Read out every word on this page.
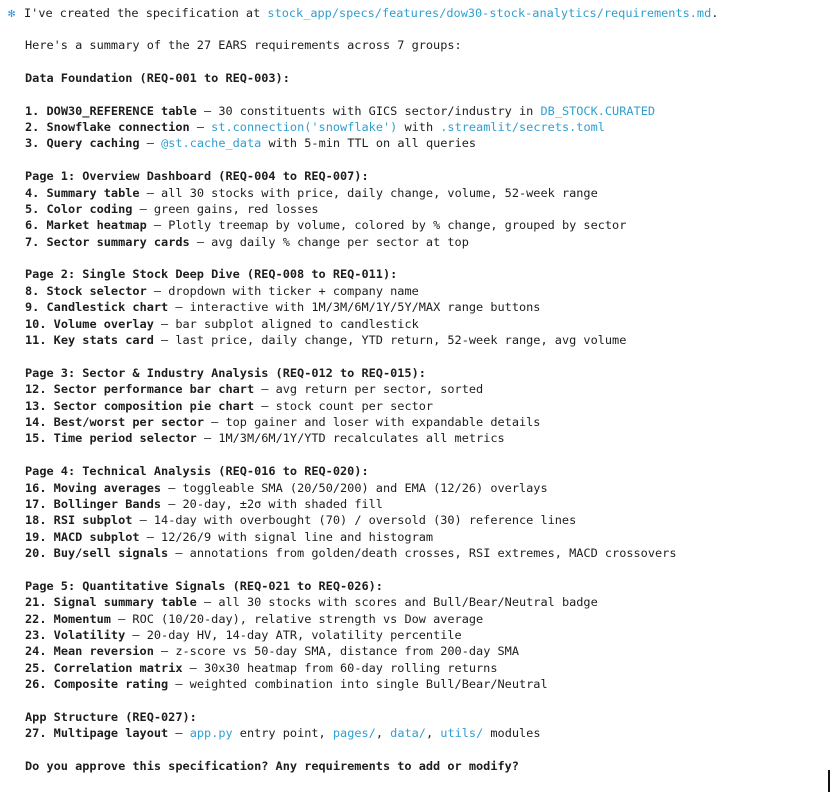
✻ I've created the specification at stock_app/specs/features/dow30-stock-analytics/requirements.md.
Here's a summary of the 27 EARS requirements across 7 groups:
Data Foundation (REQ-001 to REQ-003):
1. DOW30_REFERENCE table — 30 constituents with GICS sector/industry in DB_STOCK.CURATED
2. Snowflake connection — st.connection('snowflake') with .streamlit/secrets.toml
3. Query caching — @st.cache_data with 5-min TTL on all queries
Page 1: Overview Dashboard (REQ-004 to REQ-007):
4. Summary table — all 30 stocks with price, daily change, volume, 52-week range
5. Color coding — green gains, red losses
6. Market heatmap — Plotly treemap by volume, colored by % change, grouped by sector
7. Sector summary cards — avg daily % change per sector at top
Page 2: Single Stock Deep Dive (REQ-008 to REQ-011):
8. Stock selector — dropdown with ticker + company name
9. Candlestick chart — interactive with 1M/3M/6M/1Y/5Y/MAX range buttons
10. Volume overlay — bar subplot aligned to candlestick
11. Key stats card — last price, daily change, YTD return, 52-week range, avg volume
Page 3: Sector & Industry Analysis (REQ-012 to REQ-015):
12. Sector performance bar chart — avg return per sector, sorted
13. Sector composition pie chart — stock count per sector
14. Best/worst per sector — top gainer and loser with expandable details
15. Time period selector — 1M/3M/6M/1Y/YTD recalculates all metrics
Page 4: Technical Analysis (REQ-016 to REQ-020):
16. Moving averages — toggleable SMA (20/50/200) and EMA (12/26) overlays
17. Bollinger Bands — 20-day, ±2σ with shaded fill
18. RSI subplot — 14-day with overbought (70) / oversold (30) reference lines
19. MACD subplot — 12/26/9 with signal line and histogram
20. Buy/sell signals — annotations from golden/death crosses, RSI extremes, MACD crossovers
Page 5: Quantitative Signals (REQ-021 to REQ-026):
21. Signal summary table — all 30 stocks with scores and Bull/Bear/Neutral badge
22. Momentum — ROC (10/20-day), relative strength vs Dow average
23. Volatility — 20-day HV, 14-day ATR, volatility percentile
24. Mean reversion — z-score vs 50-day SMA, distance from 200-day SMA
25. Correlation matrix — 30x30 heatmap from 60-day rolling returns
26. Composite rating — weighted combination into single Bull/Bear/Neutral
App Structure (REQ-027):
27. Multipage layout — app.py entry point, pages/, data/, utils/ modules
Do you approve this specification? Any requirements to add or modify?
